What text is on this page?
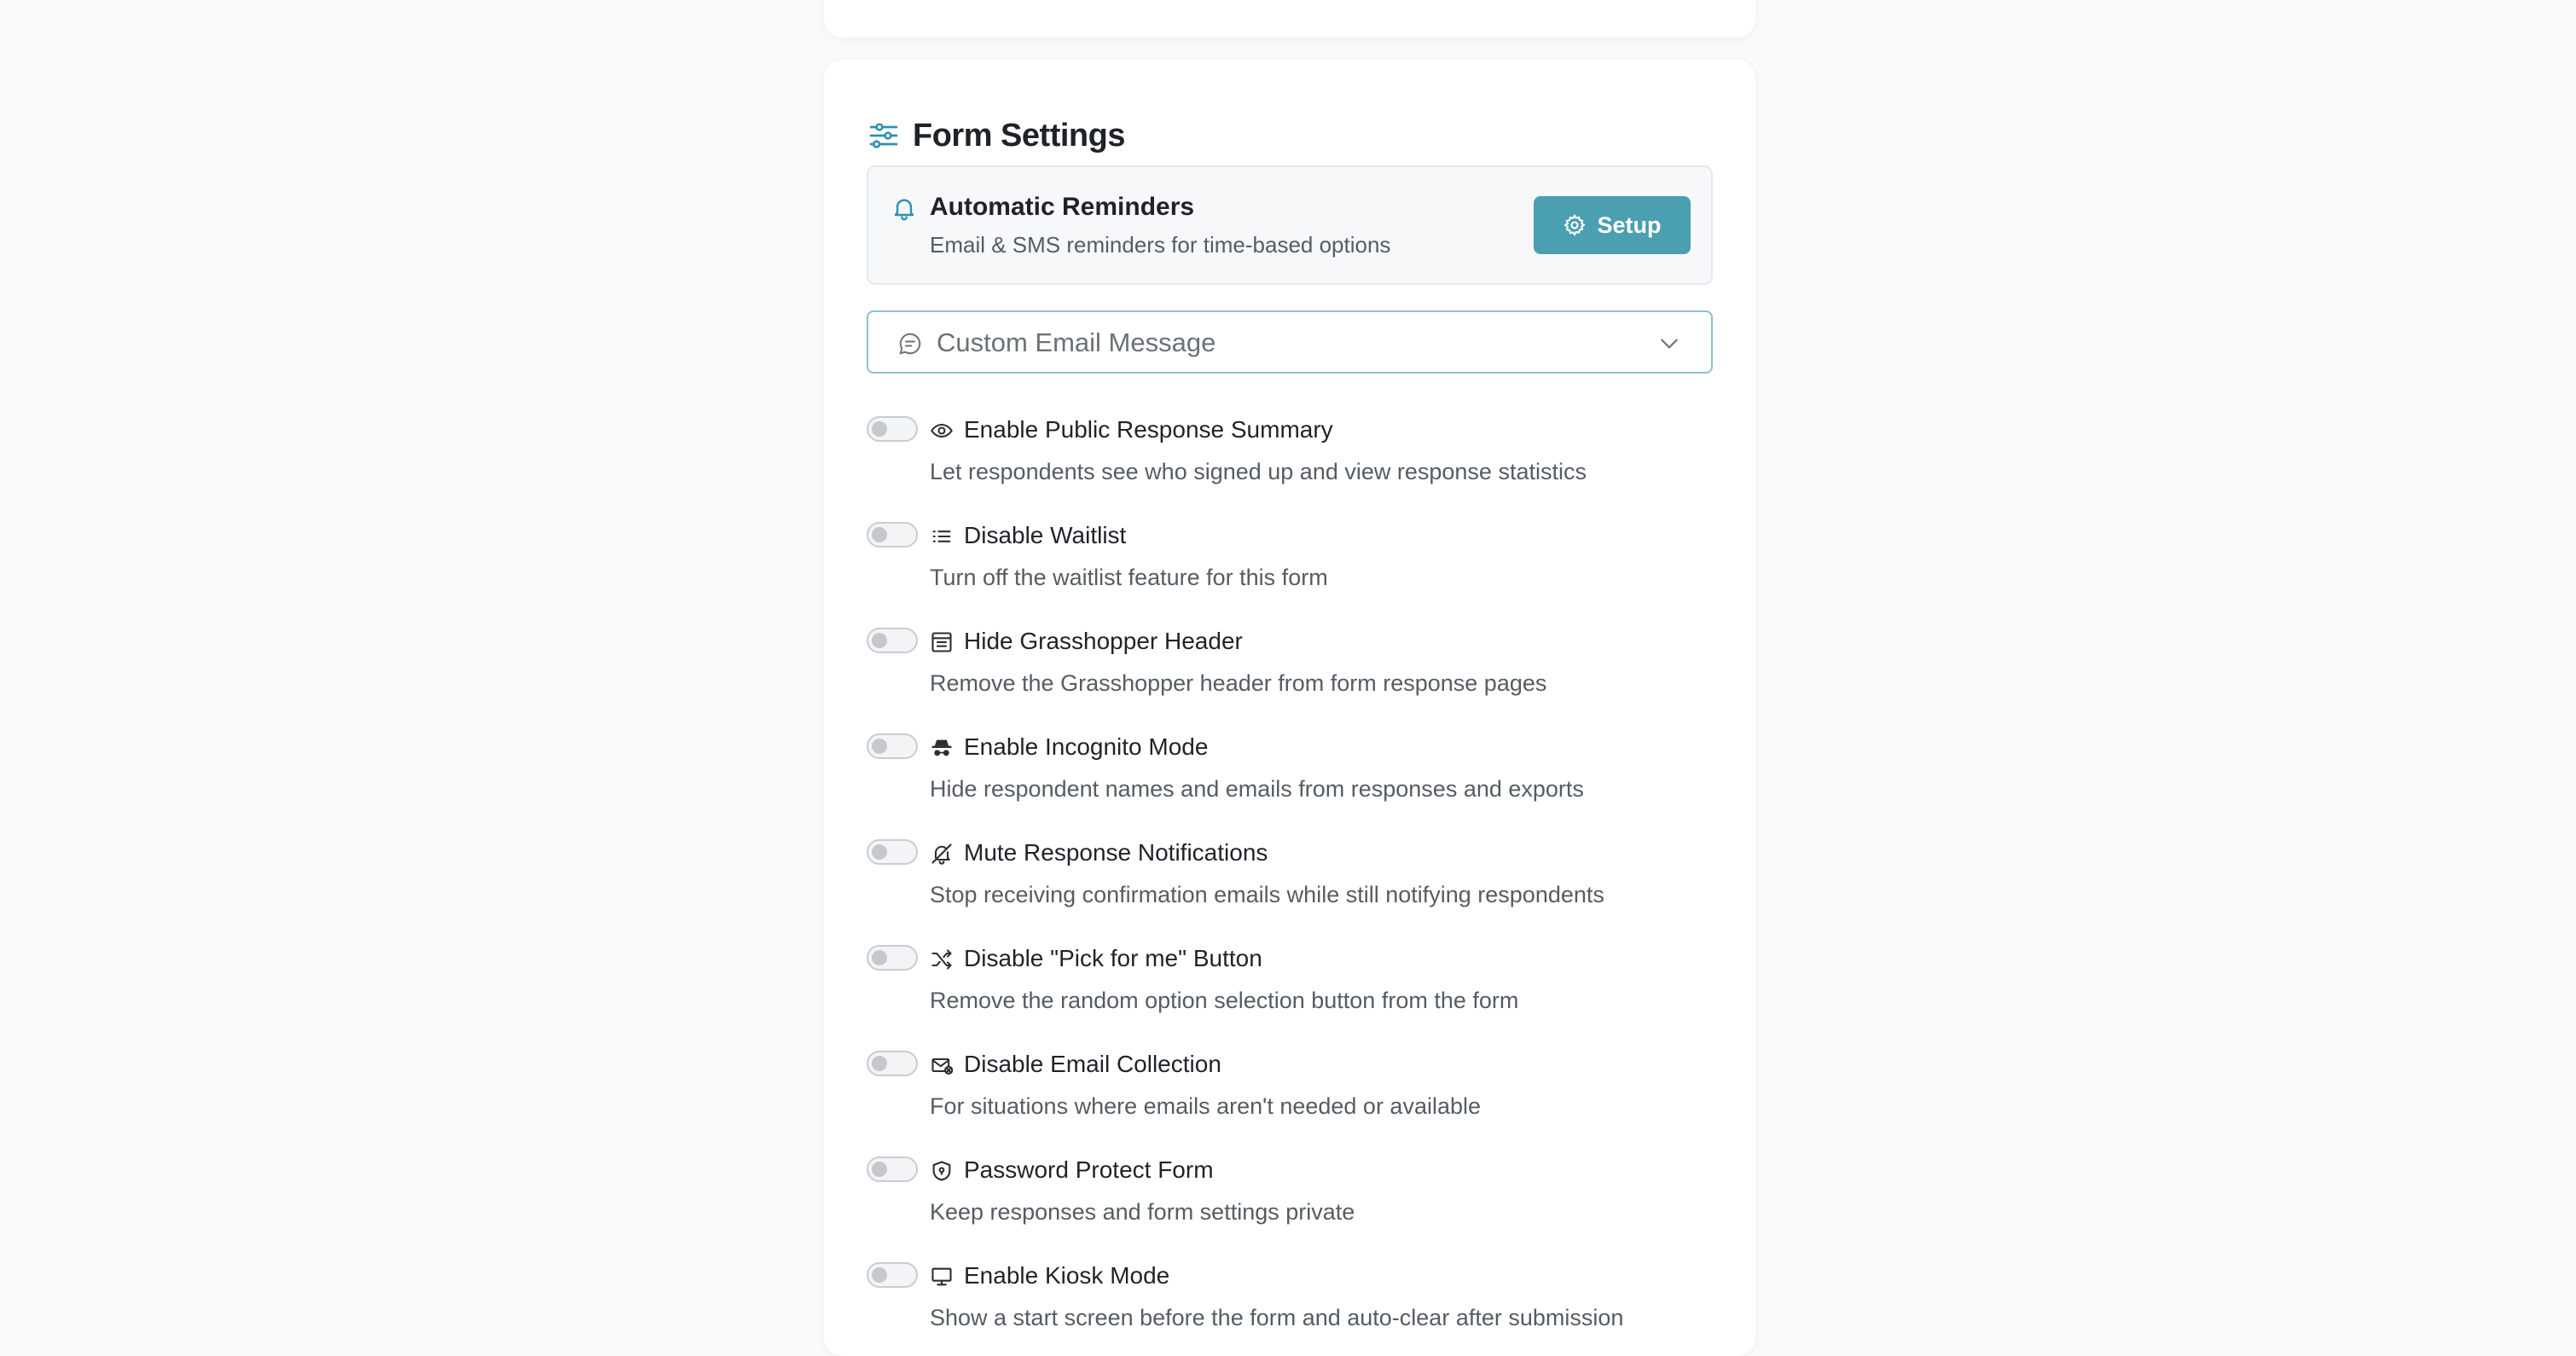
Form Settings
Automatic Reminders
Email & SMS reminders for time-based options
Setup
Custom Email Message
Enable Public Response Summary
Let respondents see who signed up and view response statistics
Disable Waitlist
Turn off the waitlist feature for this form
Hide Grasshopper Header
Remove the Grasshopper header from form response pages
Enable Incognito Mode
Hide respondent names and emails from responses and exports
Mute Response Notifications
Stop receiving confirmation emails while still notifying respondents
Disable "Pick for me" Button
Remove the random option selection button from the form
Disable Email Collection
For situations where emails aren't needed or available
Password Protect Form
Keep responses and form settings private
Enable Kiosk Mode
Show a start screen before the form and auto-clear after submission
